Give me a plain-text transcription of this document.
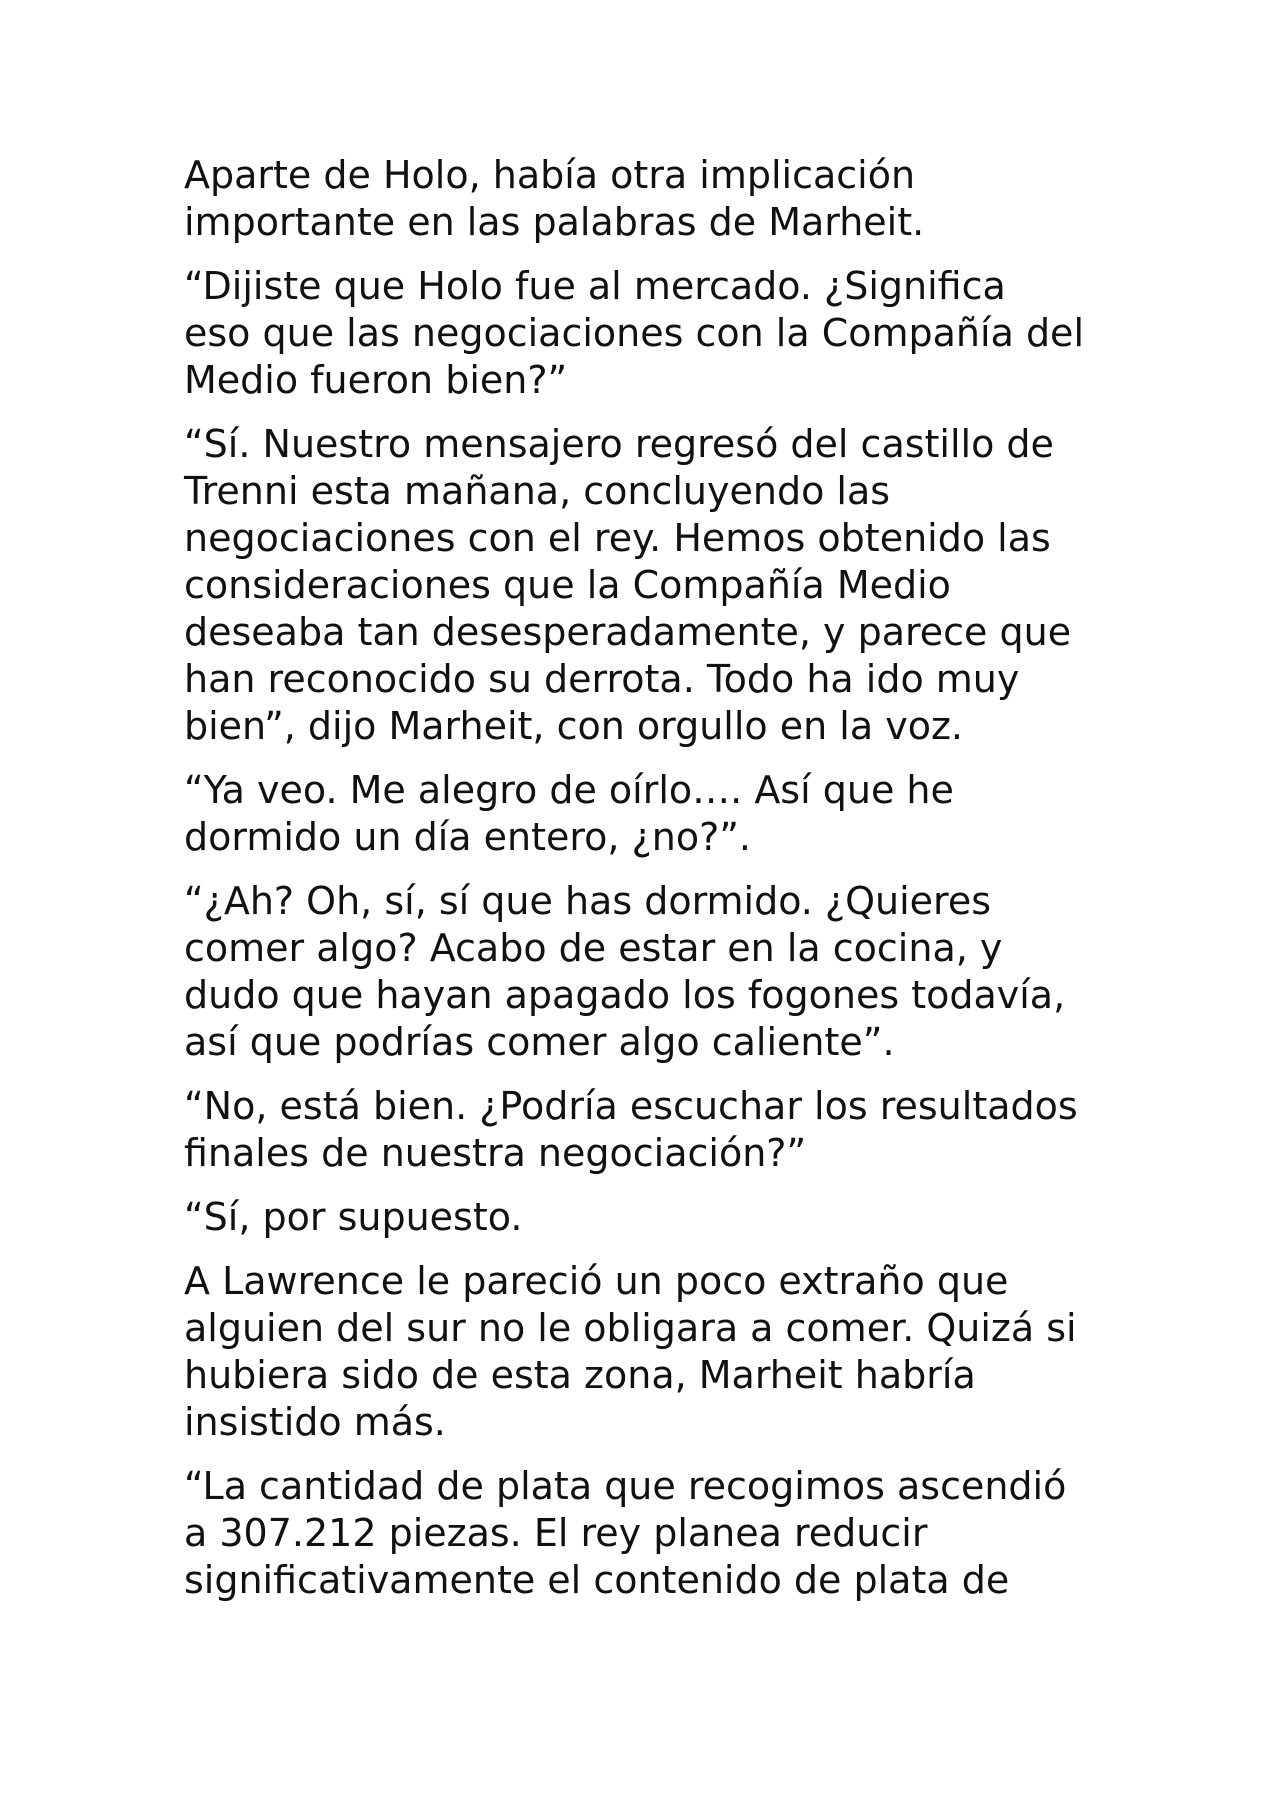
Aparte de Holo, había otra implicación
importante en las palabras de Marheit.

“Dijiste que Holo fue al mercado. ¿Significa
eso que las negociaciones con la Compañía del
Medio fueron bien?”

“Sí. Nuestro mensajero regresó del castillo de
Trenni esta mañana, concluyendo las
negociaciones con el rey. Hemos obtenido las
consideraciones que la Compañía Medio
deseaba tan desesperadamente, y parece que
han reconocido su derrota. Todo ha ido muy
bien”, dijo Marheit, con orgullo en la voz.

“Ya veo. Me alegro de oírlo…. Así que he
dormido un día entero, ¿no?”.

“¿Ah? Oh, sí, sí que has dormido. ¿Quieres
comer algo? Acabo de estar en la cocina, y
dudo que hayan apagado los fogones todavía,
así que podrías comer algo caliente”.

“No, está bien. ¿Podría escuchar los resultados
finales de nuestra negociación?”

“Sí, por supuesto.

A Lawrence le pareció un poco extraño que
alguien del sur no le obligara a comer. Quizá si
hubiera sido de esta zona, Marheit habría
insistido más.

“La cantidad de plata que recogimos ascendió
a 307.212 piezas. El rey planea reducir
significativamente el contenido de plata de
